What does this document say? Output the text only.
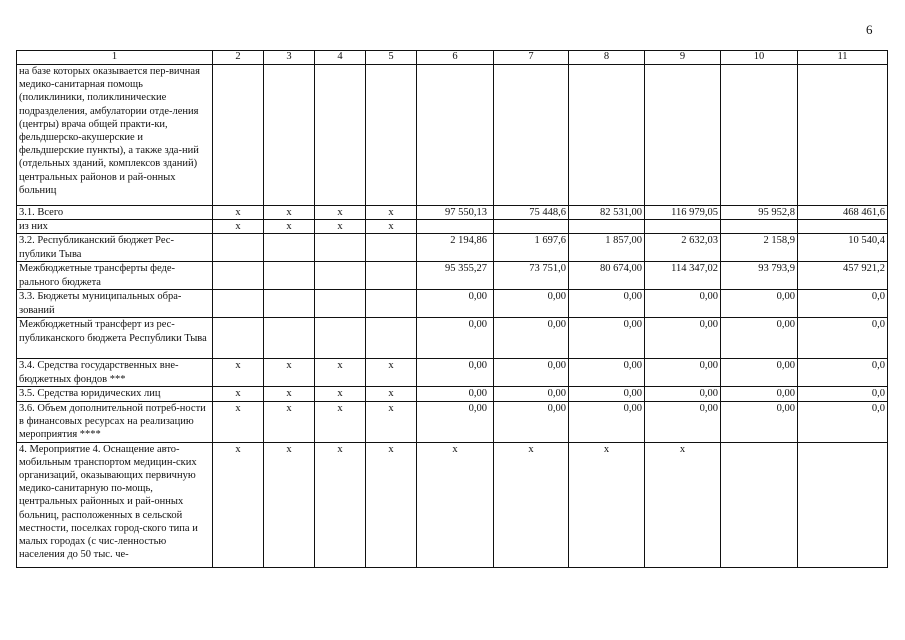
6
1	2	3	4	5	6	7	8	9	10	11
на базе которых оказывается пер-вичная медико-санитарная помощь (поликлиники, поликлинические подразделения, амбулатории отде-ления (центры) врача общей практи-ки, фельдшерско-акушерские и фельдшерские пункты), а также зда-ний (отдельных зданий, комплексов зданий) центральных районов и рай-онных больниц										
3.1. Всего	х	х	х	х	97 550,13	75 448,6	82 531,00	116 979,05	95 952,8	468 461,6
из них	х	х	х	х						
3.2. Республиканский бюджет Рес-публики Тыва					2 194,86	1 697,6	1 857,00	2 632,03	2 158,9	10 540,4
Межбюджетные трансферты феде-рального бюджета					95 355,27	73 751,0	80 674,00	114 347,02	93 793,9	457 921,2
3.3. Бюджеты муниципальных обра-зований					0,00	0,00	0,00	0,00	0,00	0,0
Межбюджетный трансферт из рес-публиканского бюджета Республики Тыва					0,00	0,00	0,00	0,00	0,00	0,0
3.4. Средства государственных вне-бюджетных фондов ***	х	х	х	х	0,00	0,00	0,00	0,00	0,00	0,0
3.5. Средства юридических лиц	х	х	х	х	0,00	0,00	0,00	0,00	0,00	0,0
3.6. Объем дополнительной потреб-ности в финансовых ресурсах на реализацию мероприятия ****	х	х	х	х	0,00	0,00	0,00	0,00	0,00	0,0
4. Мероприятие 4. Оснащение авто-мобильным транспортом медицин-ских организаций, оказывающих первичную медико-санитарную по-мощь, центральных районных и рай-онных больниц, расположенных в сельской местности, поселках город-ского типа и малых городах (с чис-ленностью населения до 50 тыс. че-	х	х	х	х	х	х	х	х		
